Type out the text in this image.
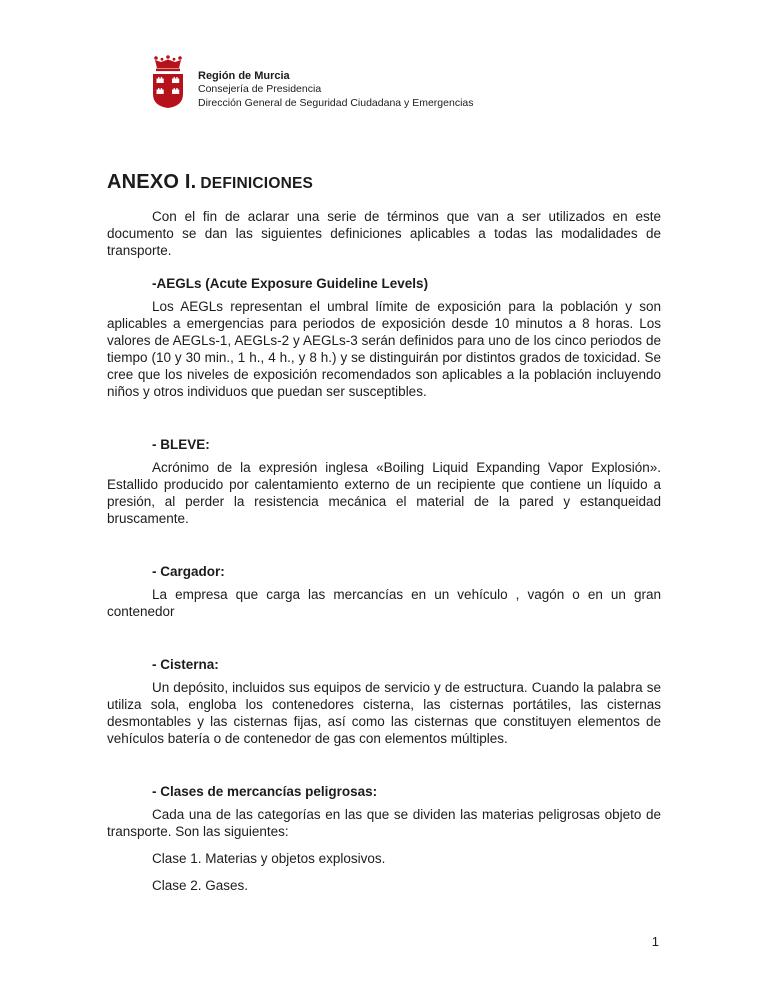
Región de Murcia
Consejería de Presidencia
Dirección General de Seguridad Ciudadana y Emergencias
ANEXO I. DEFINICIONES

Con el fin de aclarar una serie de términos que van a ser utilizados en este documento se dan las siguientes definiciones aplicables a todas las modalidades de transporte.

-AEGLs (Acute Exposure Guideline Levels)

Los AEGLs representan el umbral límite de exposición para la población y son aplicables a emergencias para periodos de exposición desde 10 minutos a 8 horas. Los valores de AEGLs-1, AEGLs-2 y AEGLs-3 serán definidos para uno de los cinco periodos de tiempo (10 y 30 min., 1 h., 4 h., y 8 h.) y se distinguirán por distintos grados de toxicidad. Se cree que los niveles de exposición recomendados son aplicables a la población incluyendo niños y otros individuos que puedan ser susceptibles.

- BLEVE:

Acrónimo de la expresión inglesa «Boiling Liquid Expanding Vapor Explosión». Estallido producido por calentamiento externo de un recipiente que contiene un líquido a presión, al perder la resistencia mecánica el material de la pared y estanqueidad bruscamente.

- Cargador:

La empresa que carga las mercancías en un vehículo , vagón o en un gran contenedor

- Cisterna:

Un depósito, incluidos sus equipos de servicio y de estructura. Cuando la palabra se utiliza sola, engloba los contenedores cisterna, las cisternas portátiles, las cisternas desmontables y las cisternas fijas, así como las cisternas que constituyen elementos de vehículos batería o de contenedor de gas con elementos múltiples.

- Clases de mercancías peligrosas:

Cada una de las categorías en las que se dividen las materias peligrosas objeto de transporte. Son las siguientes:

Clase 1. Materias y objetos explosivos.

Clase 2. Gases.

1
